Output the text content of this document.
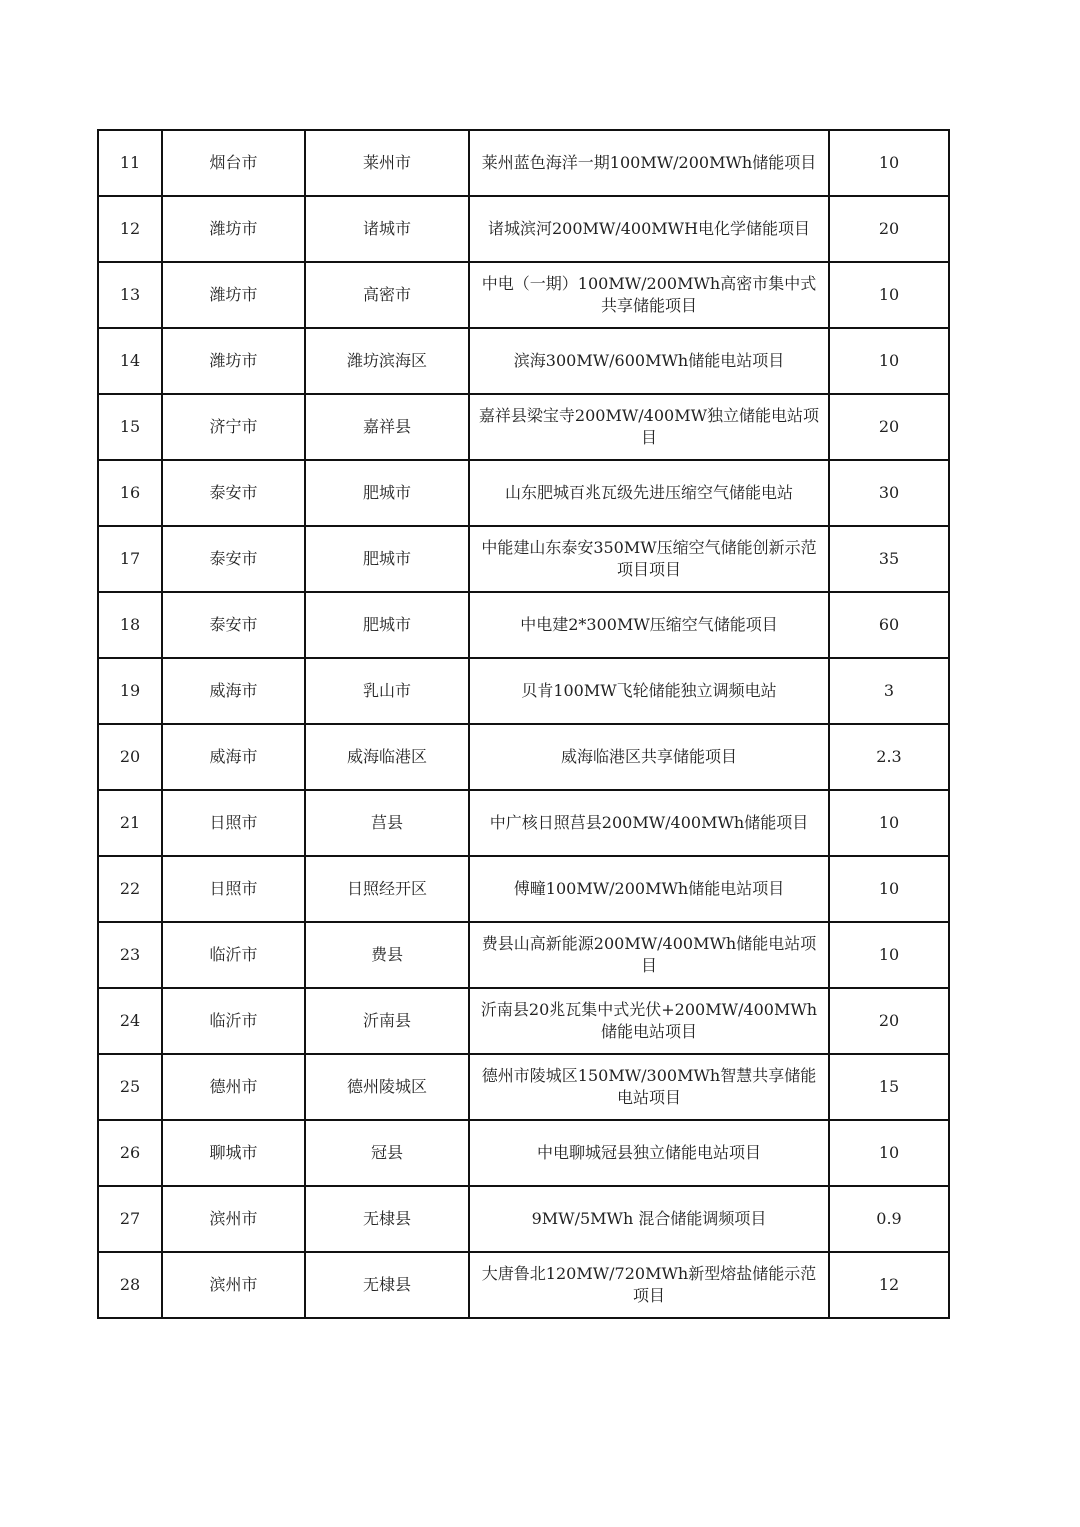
11	烟台市	莱州市	莱州蓝色海洋一期100MW/200MWh储能项目	10
12	潍坊市	诸城市	诸城滨河200MW/400MWH电化学储能项目	20
13	潍坊市	高密市	中电（一期）100MW/200MWh高密市集中式共享储能项目	10
14	潍坊市	潍坊滨海区	滨海300MW/600MWh储能电站项目	10
15	济宁市	嘉祥县	嘉祥县梁宝寺200MW/400MW独立储能电站项目	20
16	泰安市	肥城市	山东肥城百兆瓦级先进压缩空气储能电站	30
17	泰安市	肥城市	中能建山东泰安350MW压缩空气储能创新示范项目项目	35
18	泰安市	肥城市	中电建2*300MW压缩空气储能项目	60
19	威海市	乳山市	贝肯100MW飞轮储能独立调频电站	3
20	威海市	威海临港区	威海临港区共享储能项目	2.3
21	日照市	莒县	中广核日照莒县200MW/400MWh储能项目	10
22	日照市	日照经开区	傅疃100MW/200MWh储能电站项目	10
23	临沂市	费县	费县山高新能源200MW/400MWh储能电站项目	10
24	临沂市	沂南县	沂南县20兆瓦集中式光伏+200MW/400MWh储能电站项目	20
25	德州市	德州陵城区	德州市陵城区150MW/300MWh智慧共享储能电站项目	15
26	聊城市	冠县	中电聊城冠县独立储能电站项目	10
27	滨州市	无棣县	9MW/5MWh 混合储能调频项目	0.9
28	滨州市	无棣县	大唐鲁北120MW/720MWh新型熔盐储能示范项目	12
